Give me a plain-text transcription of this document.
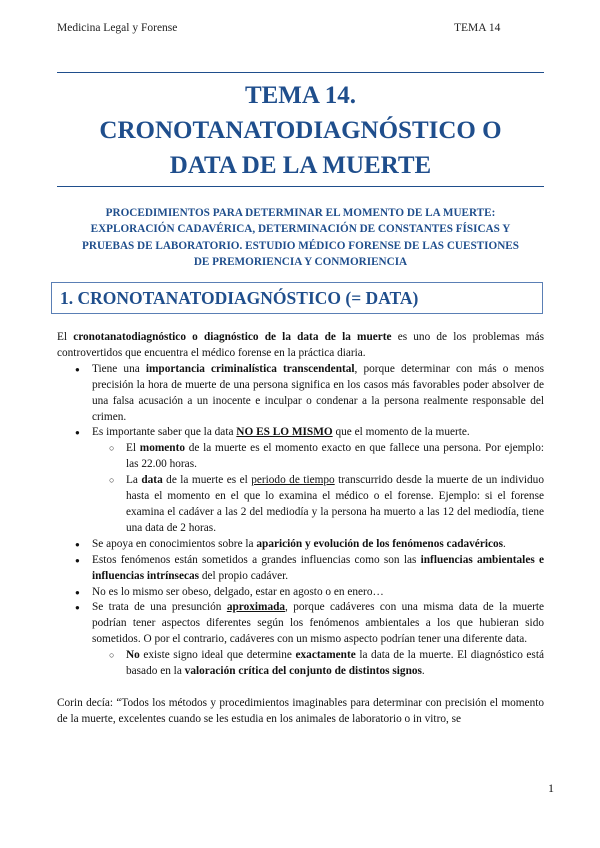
Medicina Legal y Forense	TEMA 14
TEMA 14.
CRONOTANATODIAGNÓSTICO O
DATA DE LA MUERTE
PROCEDIMIENTOS PARA DETERMINAR EL MOMENTO DE LA MUERTE:
EXPLORACIÓN CADAVÉRICA, DETERMINACIÓN DE CONSTANTES FÍSICAS Y
PRUEBAS DE LABORATORIO. ESTUDIO MÉDICO FORENSE DE LAS CUESTIONES
DE PREMORIENCIA Y CONMORIENCIA
1. CRONOTANATODIAGNÓSTICO (= DATA)

El cronotanatodiagnóstico o diagnóstico de la data de la muerte es uno de los problemas más controvertidos que encuentra el médico forense en la práctica diaria.

● Tiene una importancia criminalística transcendental, porque determinar con más o menos precisión la hora de muerte de una persona significa en los casos más favorables poder absolver de una falsa acusación a un inocente e inculpar o condenar a la persona realmente responsable del crimen.
● Es importante saber que la data NO ES LO MISMO que el momento de la muerte.
○ El momento de la muerte es el momento exacto en que fallece una persona. Por ejemplo: las 22.00 horas.
○ La data de la muerte es el periodo de tiempo transcurrido desde la muerte de un individuo hasta el momento en el que lo examina el médico o el forense. Ejemplo: si el forense examina el cadáver a las 2 del mediodía y la persona ha muerto a las 12 del mediodía, tiene una data de 2 horas.
● Se apoya en conocimientos sobre la aparición y evolución de los fenómenos cadavéricos.
● Estos fenómenos están sometidos a grandes influencias como son las influencias ambientales e influencias intrínsecas del propio cadáver.
● No es lo mismo ser obeso, delgado, estar en agosto o en enero…
● Se trata de una presunción aproximada, porque cadáveres con una misma data de la muerte podrían tener aspectos diferentes según los fenómenos ambientales a los que hubieran sido sometidos. O por el contrario, cadáveres con un mismo aspecto podrían tener una diferente data.
○ No existe signo ideal que determine exactamente la data de la muerte. El diagnóstico está basado en la valoración crítica del conjunto de distintos signos.

Corin decía: “Todos los métodos y procedimientos imaginables para determinar con precisión el momento de la muerte, excelentes cuando se les estudia en los animales de laboratorio o in vitro, se

1
